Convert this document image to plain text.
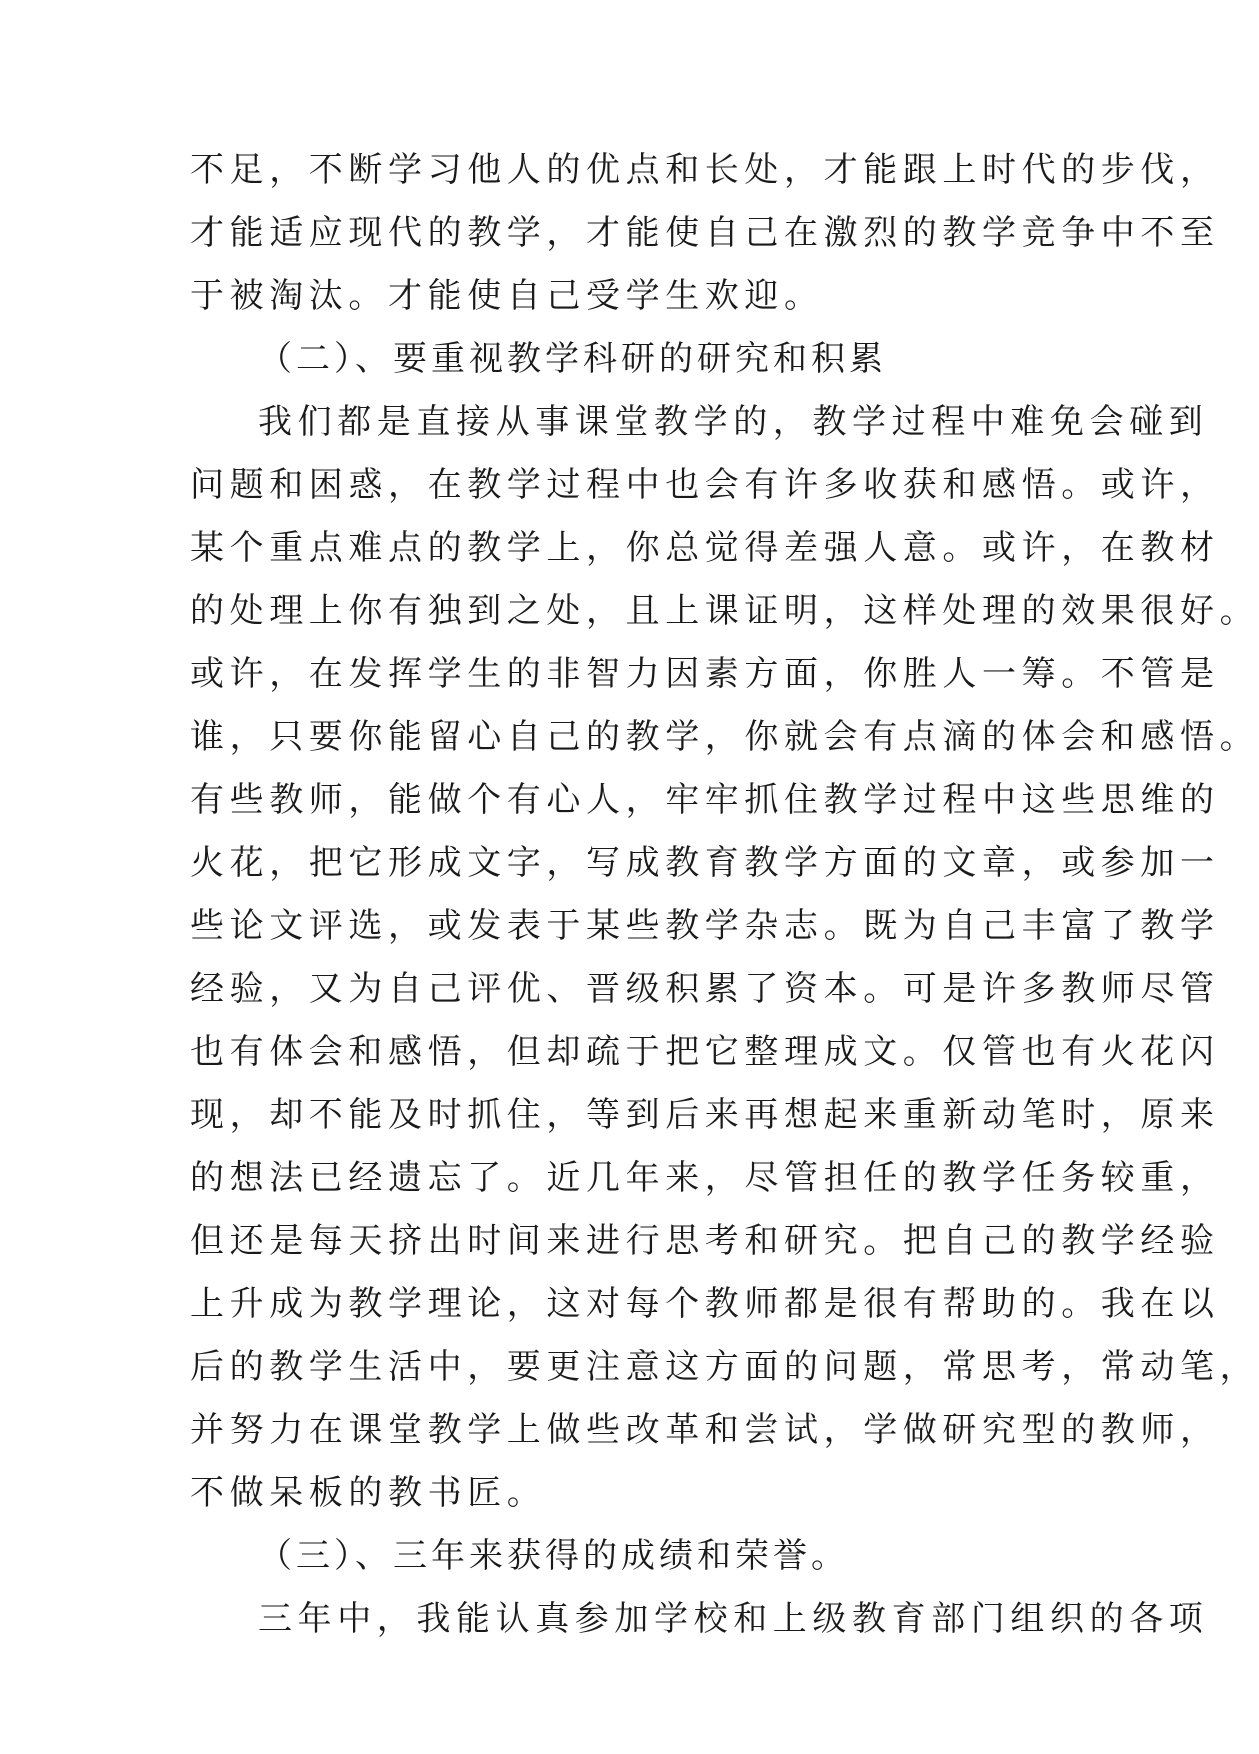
不足，不断学习他人的优点和长处，才能跟上时代的步伐，
才能适应现代的教学，才能使自己在激烈的教学竞争中不至
于被淘汰。才能使自己受学生欢迎。
（二）、要重视教学科研的研究和积累
我们都是直接从事课堂教学的，教学过程中难免会碰到
问题和困惑，在教学过程中也会有许多收获和感悟。或许，
某个重点难点的教学上，你总觉得差强人意。或许，在教材
的处理上你有独到之处，且上课证明，这样处理的效果很好。
或许，在发挥学生的非智力因素方面，你胜人一筹。不管是
谁，只要你能留心自己的教学，你就会有点滴的体会和感悟。
有些教师，能做个有心人，牢牢抓住教学过程中这些思维的
火花，把它形成文字，写成教育教学方面的文章，或参加一
些论文评选，或发表于某些教学杂志。既为自己丰富了教学
经验，又为自己评优、晋级积累了资本。可是许多教师尽管
也有体会和感悟，但却疏于把它整理成文。仅管也有火花闪
现，却不能及时抓住，等到后来再想起来重新动笔时，原来
的想法已经遗忘了。近几年来，尽管担任的教学任务较重，
但还是每天挤出时间来进行思考和研究。把自己的教学经验
上升成为教学理论，这对每个教师都是很有帮助的。我在以
后的教学生活中，要更注意这方面的问题，常思考，常动笔，
并努力在课堂教学上做些改革和尝试，学做研究型的教师，
不做呆板的教书匠。
（三）、三年来获得的成绩和荣誉。
三年中，我能认真参加学校和上级教育部门组织的各项
